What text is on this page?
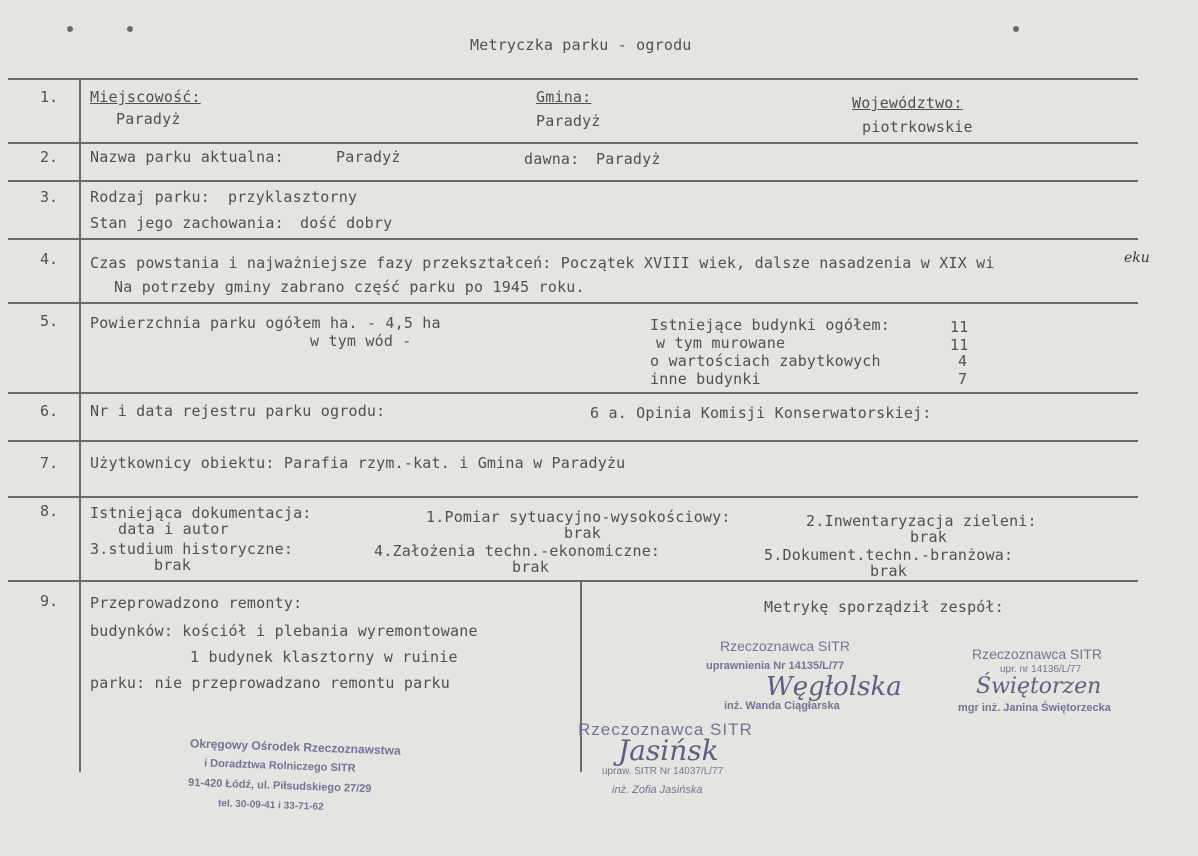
Metryczka parku - ogrodu
1. Miejscowość:
Paradyż
Gmina:
Paradyż
Województwo:
piotrkowskie
2. Nazwa parku aktualna:	Paradyż	dawna: Paradyż
3. Rodzaj parku: przyklasztorny
Stan jego zachowania: dość dobry
4. Czas powstania i najważniejsze fazy przekształceń: Początek XVIII wiek, dalsze nasadzenia w XIX wi	eku
Na potrzeby gminy zabrano część parku po 1945 roku.
5. Powierzchnia parku ogółem ha. - 4,5 ha
w tym wód -
Istniejące budynki ogółem:	11
w tym murowane	11
o wartościach zabytkowych	4
inne budynki	7
6. Nr i data rejestru parku ogrodu:	6 a. Opinia Komisji Konserwatorskiej:
7. Użytkownicy obiektu: Parafia rzym.-kat. i Gmina w Paradyżu
8. Istniejąca dokumentacja:
data i autor
1.Pomiar sytuacyjno-wysokościowy:
brak
2.Inwentaryzacja zieleni:
brak
3.studium historyczne:
brak
4.Założenia techn.-ekonomiczne:
brak
5.Dokument.techn.-branżowa:
brak
9. Przeprowadzono remonty:
budynków: kościół i plebania wyremontowane
1 budynek klasztorny w ruinie
parku: nie przeprowadzano remontu parku
Metrykę sporządził zespół:
Rzeczoznawca SITR
uprawnienia Nr 14135/L/77
Węgłolska
inż. Wanda Ciągłarska
Rzeczoznawca SITR
upr. nr 14136/L/77
Świętorzen
mgr inż. Janina Świętorzecka
Rzeczoznawca SITR
Jasińsk
upraw. SITR Nr 14037/L/77
inż. Zofia Jasińska
Okręgowy Ośrodek Rzeczoznawstwa
i Doradztwa Rolniczego SITR
91-420 Łódź, ul. Piłsudskiego 27/29
tel. 30-09-41 i 33-71-62
